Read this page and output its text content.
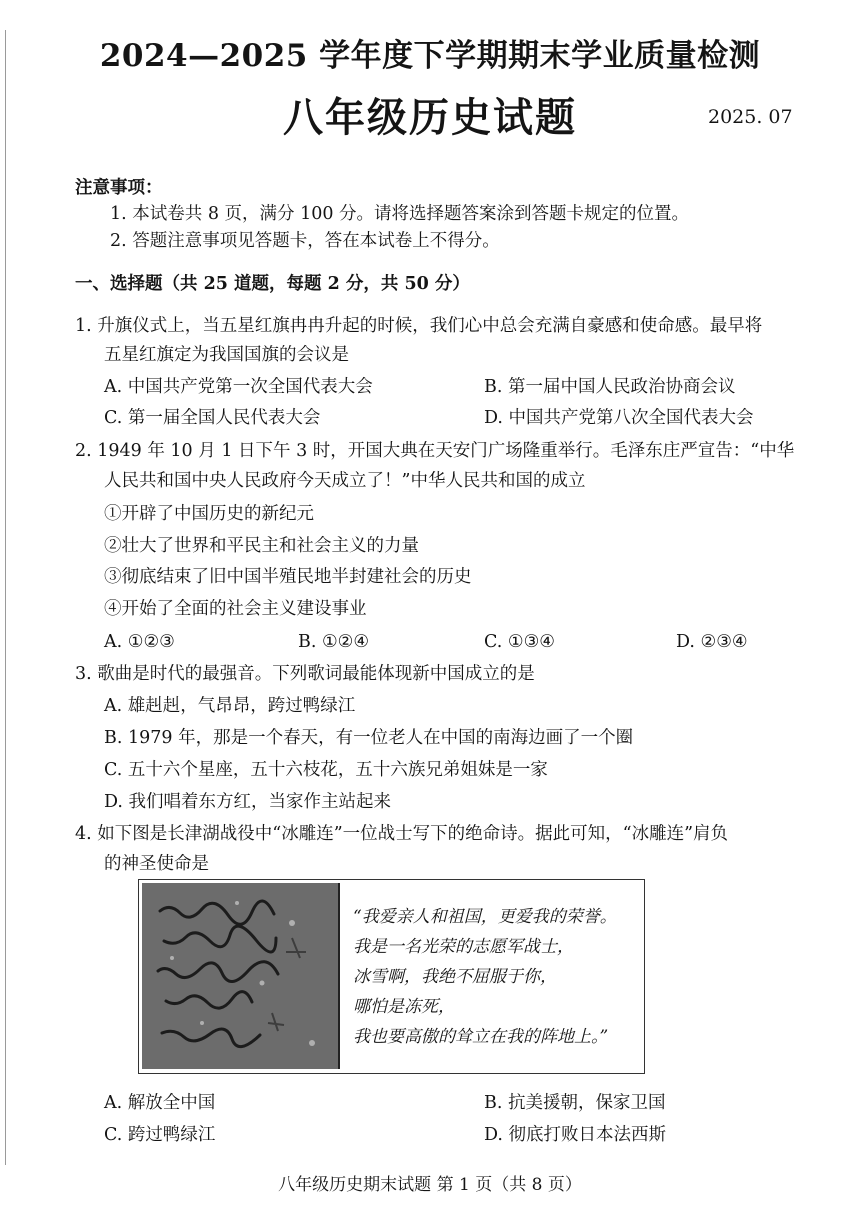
2024—2025 学年度下学期期末学业质量检测
八年级历史试题	2025. 07
注意事项：
1. 本试卷共 8 页，满分 100 分。请将选择题答案涂到答题卡规定的位置。
2. 答题注意事项见答题卡，答在本试卷上不得分。
一、选择题（共 25 道题，每题 2 分，共 50 分）
1. 升旗仪式上，当五星红旗冉冉升起的时候，我们心中总会充满自豪感和使命感。最早将
五星红旗定为我国国旗的会议是
A. 中国共产党第一次全国代表大会	B. 第一届中国人民政治协商会议
C. 第一届全国人民代表大会	D. 中国共产党第八次全国代表大会
2. 1949 年 10 月 1 日下午 3 时，开国大典在天安门广场隆重举行。毛泽东庄严宣告：“中华
人民共和国中央人民政府今天成立了！”中华人民共和国的成立
①开辟了中国历史的新纪元
②壮大了世界和平民主和社会主义的力量
③彻底结束了旧中国半殖民地半封建社会的历史
④开始了全面的社会主义建设事业
A. ①②③	B. ①②④	C. ①③④	D. ②③④
3. 歌曲是时代的最强音。下列歌词最能体现新中国成立的是
A. 雄赳赳，气昂昂，跨过鸭绿江
B. 1979 年，那是一个春天，有一位老人在中国的南海边画了一个圈
C. 五十六个星座，五十六枝花，五十六族兄弟姐妹是一家
D. 我们唱着东方红，当家作主站起来
4. 如下图是长津湖战役中“冰雕连”一位战士写下的绝命诗。据此可知，“冰雕连”肩负
的神圣使命是
“我爱亲人和祖国，更爱我的荣誉。
我是一名光荣的志愿军战士，
冰雪啊，我绝不屈服于你，
哪怕是冻死，
我也要高傲的耸立在我的阵地上。”
A. 解放全中国	B. 抗美援朝，保家卫国
C. 跨过鸭绿江	D. 彻底打败日本法西斯
八年级历史期末试题 第 1 页（共 8 页）
